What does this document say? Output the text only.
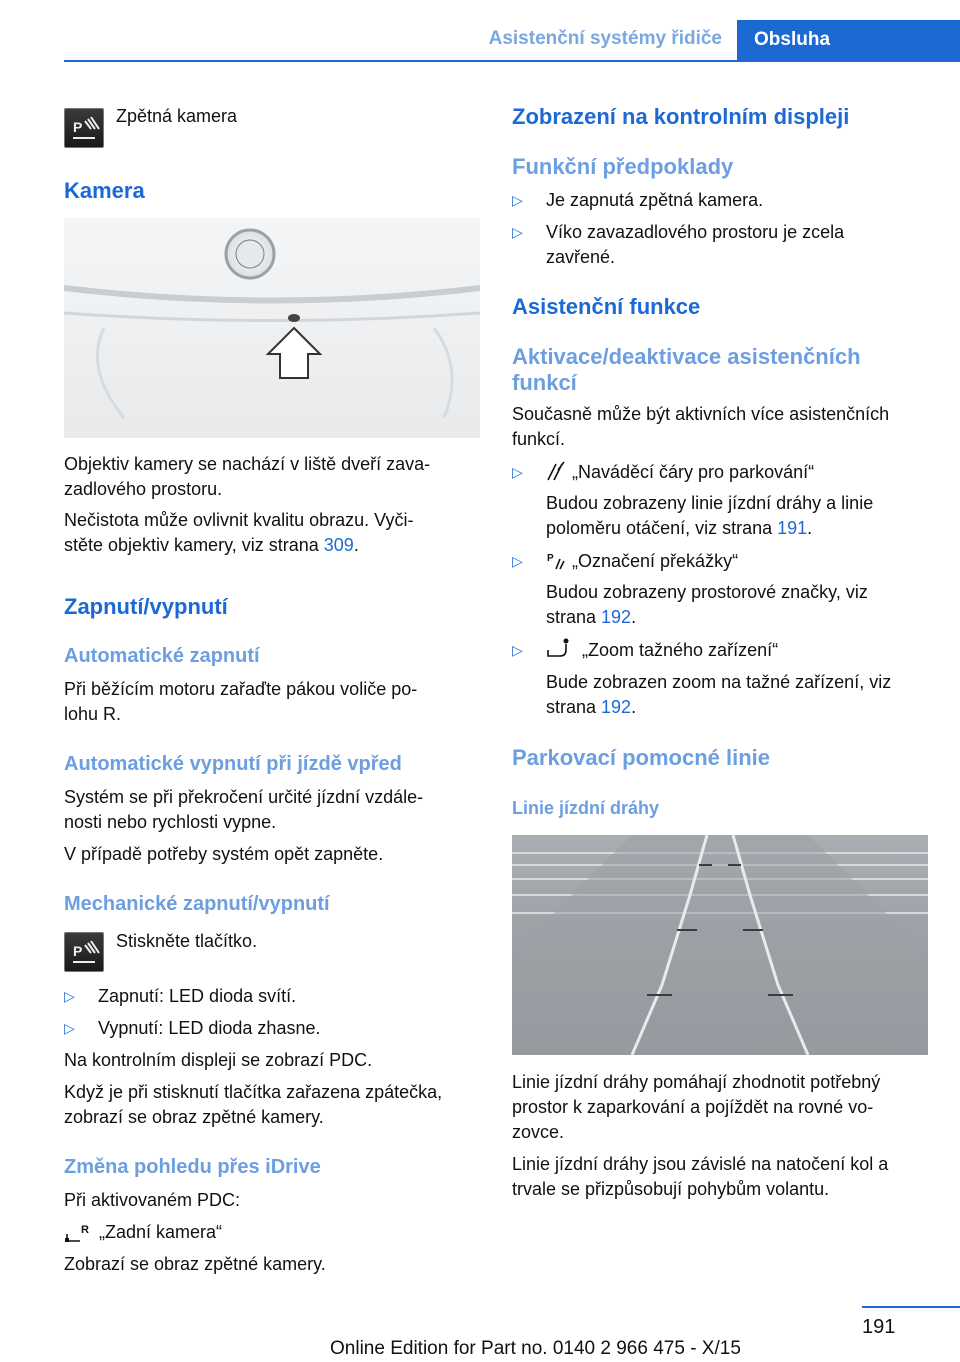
Asistenční systémy řidiče	Obsluha
P
Zpětná kamera
Kamera
Objektiv kamery se nachází v liště dveří zava-
zadlového prostoru.
Nečistota může ovlivnit kvalitu obrazu. Vyči-
stěte objektiv kamery, viz strana 309.
Zapnutí/vypnutí
Automatické zapnutí
Při běžícím motoru zařaďte pákou voliče po-
lohu R.
Automatické vypnutí při jízdě vpřed
Systém se při překročení určité jízdní vzdále-
nosti nebo rychlosti vypne.
V případě potřeby systém opět zapněte.
Mechanické zapnutí/vypnutí
P Stiskněte tlačítko.
▷ Zapnutí: LED dioda svítí.
▷ Vypnutí: LED dioda zhasne.
Na kontrolním displeji se zobrazí PDC.
Když je při stisknutí tlačítka zařazena zpátečka,
zobrazí se obraz zpětné kamery.
Změna pohledu přes iDrive
Při aktivovaném PDC:
R „Zadní kamera“
Zobrazí se obraz zpětné kamery.
Zobrazení na kontrolním displeji
Funkční předpoklady
▷ Je zapnutá zpětná kamera.
▷ Víko zavazadlového prostoru je zcela
zavřené.
Asistenční funkce
Aktivace/deaktivace asistenčních
funkcí
Současně může být aktivních více asistenčních
funkcí.
▷	„Naváděcí čáry pro parkování“
Budou zobrazeny linie jízdní dráhy a linie
poloměru otáčení, viz strana 191.
▷ P „Označení překážky“
Budou zobrazeny prostorové značky, viz
strana 192.
▷	„Zoom tažného zařízení“
Bude zobrazen zoom na tažné zařízení, viz
strana 192.
Parkovací pomocné linie
Linie jízdní dráhy
Linie jízdní dráhy pomáhají zhodnotit potřebný
prostor k zaparkování a pojíždět na rovné vo-
zovce.
Linie jízdní dráhy jsou závislé na natočení kol a
trvale se přizpůsobují pohybům volantu.
191
Online Edition for Part no. 0140 2 966 475 - X/15
